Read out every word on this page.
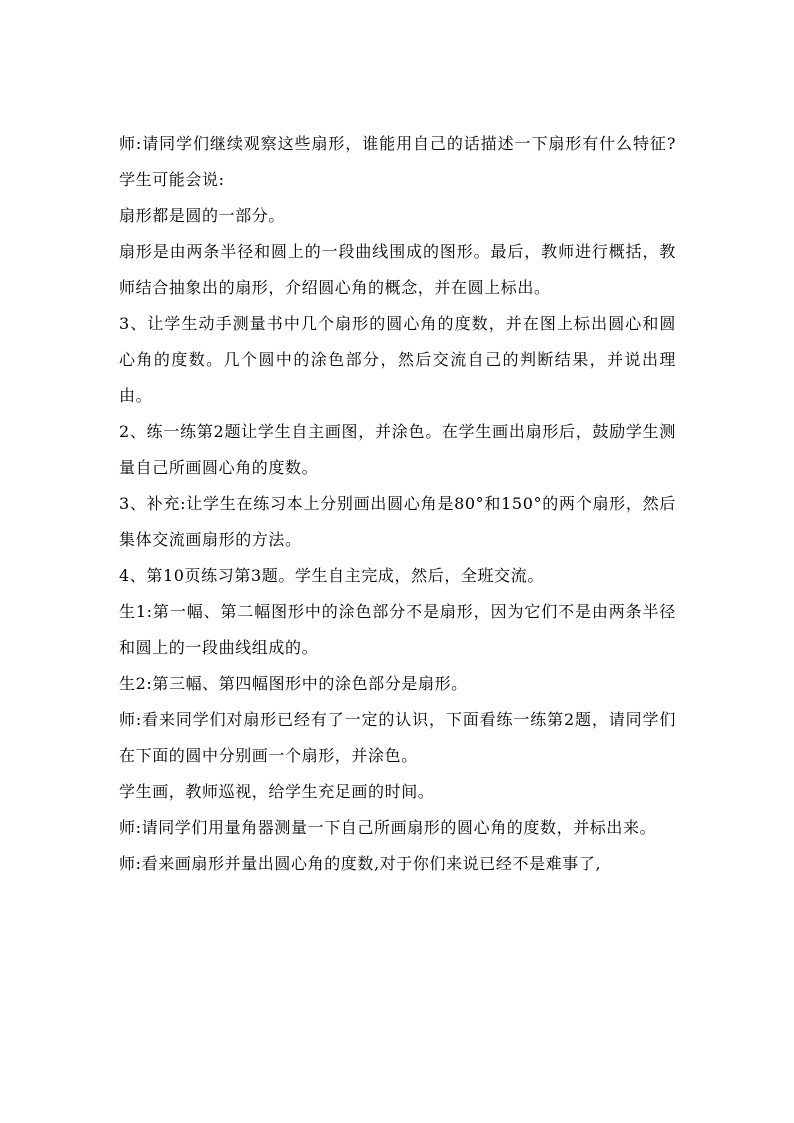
师:请同学们继续观察这些扇形，谁能用自己的话描述一下扇形有什么特征?学生可能会说:

扇形都是圆的一部分。

扇形是由两条半径和圆上的一段曲线围成的图形。最后，教师进行概括，教师结合抽象出的扇形，介绍圆心角的概念，并在圆上标出。

3、让学生动手测量书中几个扇形的圆心角的度数，并在图上标出圆心和圆心角的度数。几个圆中的涂色部分，然后交流自己的判断结果，并说出理由。

2、练一练第2题让学生自主画图，并涂色。在学生画出扇形后，鼓励学生测量自己所画圆心角的度数。

3、补充:让学生在练习本上分别画出圆心角是80°和150°的两个扇形，然后集体交流画扇形的方法。

4、第10页练习第3题。学生自主完成，然后，全班交流。

生1:第一幅、第二幅图形中的涂色部分不是扇形，因为它们不是由两条半径和圆上的一段曲线组成的。

生2:第三幅、第四幅图形中的涂色部分是扇形。

师:看来同学们对扇形已经有了一定的认识，下面看练一练第2题，请同学们在下面的圆中分别画一个扇形，并涂色。

学生画，教师巡视，给学生充足画的时间。

师:请同学们用量角器测量一下自己所画扇形的圆心角的度数，并标出来。

师:看来画扇形并量出圆心角的度数,对于你们来说已经不是难事了,
